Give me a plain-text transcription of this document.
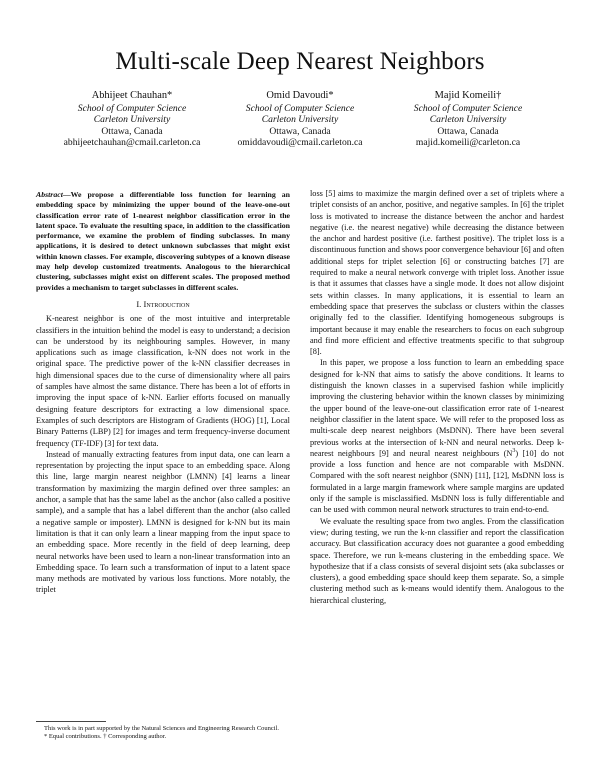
Multi-scale Deep Nearest Neighbors
Abhijeet Chauhan*
School of Computer Science
Carleton University
Ottawa, Canada
abhijeetchauhan@cmail.carleton.ca
Omid Davoudi*
School of Computer Science
Carleton University
Ottawa, Canada
omiddavoudi@cmail.carleton.ca
Majid Komeili†
School of Computer Science
Carleton University
Ottawa, Canada
majid.komeili@carleton.ca
Abstract—We propose a differentiable loss function for learning an embedding space by minimizing the upper bound of the leave-one-out classification error rate of 1-nearest neighbor classification error in the latent space. To evaluate the resulting space, in addition to the classification performance, we examine the problem of finding subclasses. In many applications, it is desired to detect unknown subclasses that might exist within known classes. For example, discovering subtypes of a known disease may help develop customized treatments. Analogous to the hierarchical clustering, subclasses might exist on different scales. The proposed method provides a mechanism to target subclasses in different scales.
I. Introduction

K-nearest neighbor is one of the most intuitive and interpretable classifiers in the intuition behind the model is easy to understand; a decision can be understood by its neighbouring samples. However, in many applications such as image classification, k-NN does not work in the original space. The predictive power of the k-NN classifier decreases in high dimensional spaces due to the curse of dimensionality where all pairs of samples have almost the same distance. There has been a lot of efforts in improving the input space of k-NN. Earlier efforts focused on manually designing feature descriptors for extracting a low dimensional space. Examples of such descriptors are Histogram of Gradients (HOG) [1], Local Binary Patterns (LBP) [2] for images and term frequency-inverse document frequency (TF-IDF) [3] for text data.

Instead of manually extracting features from input data, one can learn a representation by projecting the input space to an embedding space. Along this line, large margin nearest neighbor (LMNN) [4] learns a linear transformation by maximizing the margin defined over three samples: an anchor, a sample that has the same label as the anchor (also called a positive sample), and a sample that has a label different than the anchor (also called a negative sample or imposter). LMNN is designed for k-NN but its main limitation is that it can only learn a linear mapping from the input space to an embedding space. More recently in the field of deep learning, deep neural networks have been used to learn a non-linear transformation into an Embedding space. To learn such a transformation of input to a latent space many methods are motivated by various loss functions. More notably, the triplet

loss [5] aims to maximize the margin defined over a set of triplets where a triplet consists of an anchor, positive, and negative samples. In [6] the triplet loss is motivated to increase the distance between the anchor and hardest negative (i.e. the nearest negative) while decreasing the distance between the anchor and hardest positive (i.e. farthest positive). The triplet loss is a discontinuous function and shows poor convergence behaviour [6] and often additional steps for triplet selection [6] or constructing batches [7] are required to make a neural network converge with triplet loss. Another issue is that it assumes that classes have a single mode. It does not allow disjoint sets within classes. In many applications, it is essential to learn an embedding space that preserves the subclass or clusters within the classes originally fed to the classifier. Identifying homogeneous subgroups is important because it may enable the researchers to focus on each subgroup and find more efficient and effective treatments specific to that subgroup [8].

In this paper, we propose a loss function to learn an embedding space designed for k-NN that aims to satisfy the above conditions. It learns to distinguish the known classes in a supervised fashion while implicitly improving the clustering behavior within the known classes by minimizing the upper bound of the leave-one-out classification error rate of 1-nearest neighbor classifier in the latent space. We will refer to the proposed loss as multi-scale deep nearest neighbors (MsDNN). There have been several previous works at the intersection of k-NN and neural networks. Deep k-nearest neighbours [9] and neural nearest neighbours $(N^3)$ [10] do not provide a loss function and hence are not comparable with MsDNN. Compared with the soft nearest neighbor (SNN) [11], [12], MsDNN loss is formulated in a large margin framework where sample margins are updated only if the sample is misclassified. MsDNN loss is fully differentiable and can be used with common neural network structures to train end-to-end.

We evaluate the resulting space from two angles. From the classification view; during testing, we run the k-nn classifier and report the classification accuracy. But classification accuracy does not guarantee a good embedding space. Therefore, we run k-means clustering in the embedding space. We hypothesize that if a class consists of several disjoint sets (aka subclasses or clusters), a good embedding space should keep them separate. So, a simple clustering method such as k-means would identify them. Analogous to the hierarchical clustering,

This work is in part supported by the Natural Sciences and Engineering Research Council.
* Equal contributions. † Corresponding author.
